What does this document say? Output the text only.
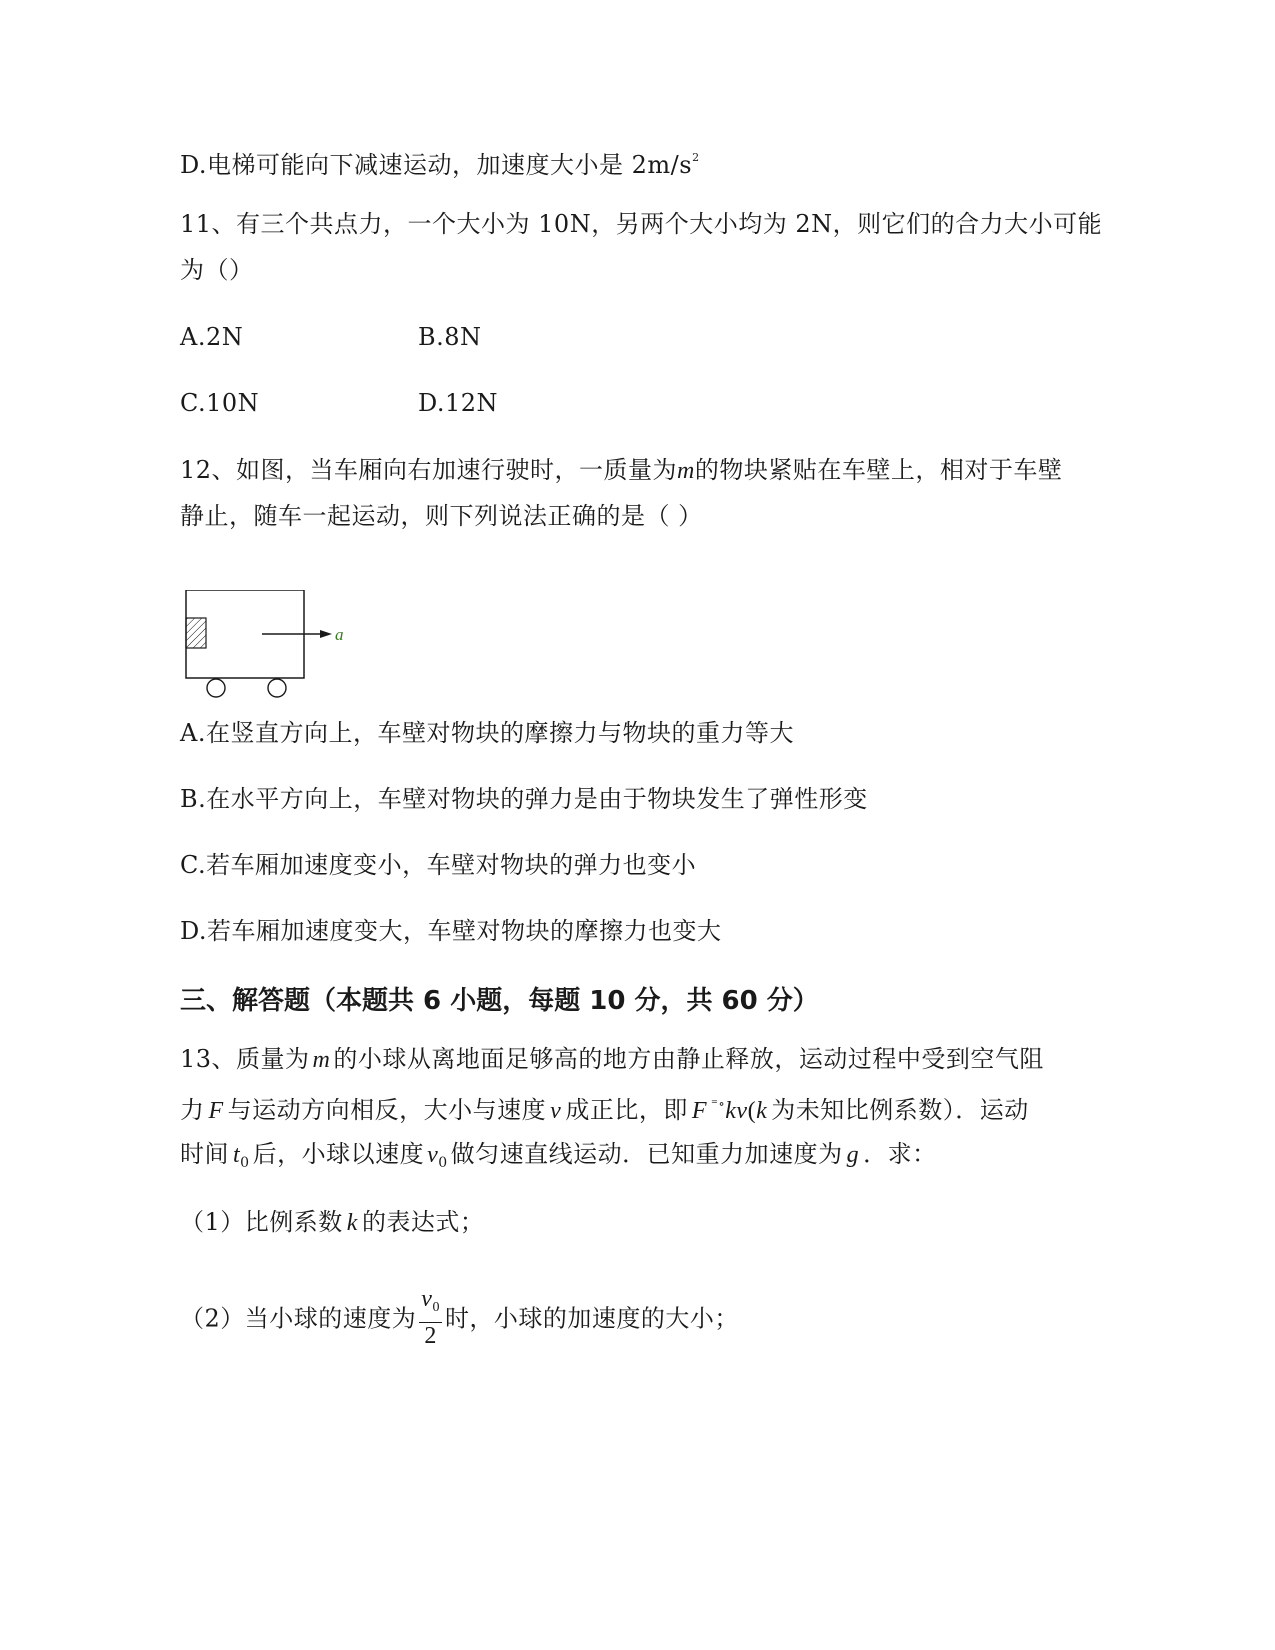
D.电梯可能向下减速运动，加速度大小是 $2m/s^2$
11、有三个共点力，一个大小为 10N，另两个大小均为 2N，则它们的合力大小可能
为（）
A.2N	B.8N
C.10N	D.12N
12、如图，当车厢向右加速行驶时，一质量为m的物块紧贴在车壁上，相对于车壁
静止，随车一起运动，则下列说法正确的是（ ）
a
A.在竖直方向上，车壁对物块的摩擦力与物块的重力等大
B.在水平方向上，车壁对物块的弹力是由于物块发生了弹性形变
C.若车厢加速度变小，车壁对物块的弹力也变小
D.若车厢加速度变大，车壁对物块的摩擦力也变大
三、解答题（本题共 6 小题，每题 10 分，共 60 分）
13、质量为 m 的小球从离地面足够高的地方由静止释放，运动过程中受到空气阻
力 F 与运动方向相反，大小与速度 v 成正比，即 F ⁼∘kv(k 为未知比例系数）．运动
时间 $t_0$ 后，小球以速度 $v_0$ 做匀速直线运动．已知重力加速度为 g ．求：
（1）比例系数 k 的表达式；
（2）当小球的速度为 $\frac{v_0}{2}$ 时，小球的加速度的大小；
